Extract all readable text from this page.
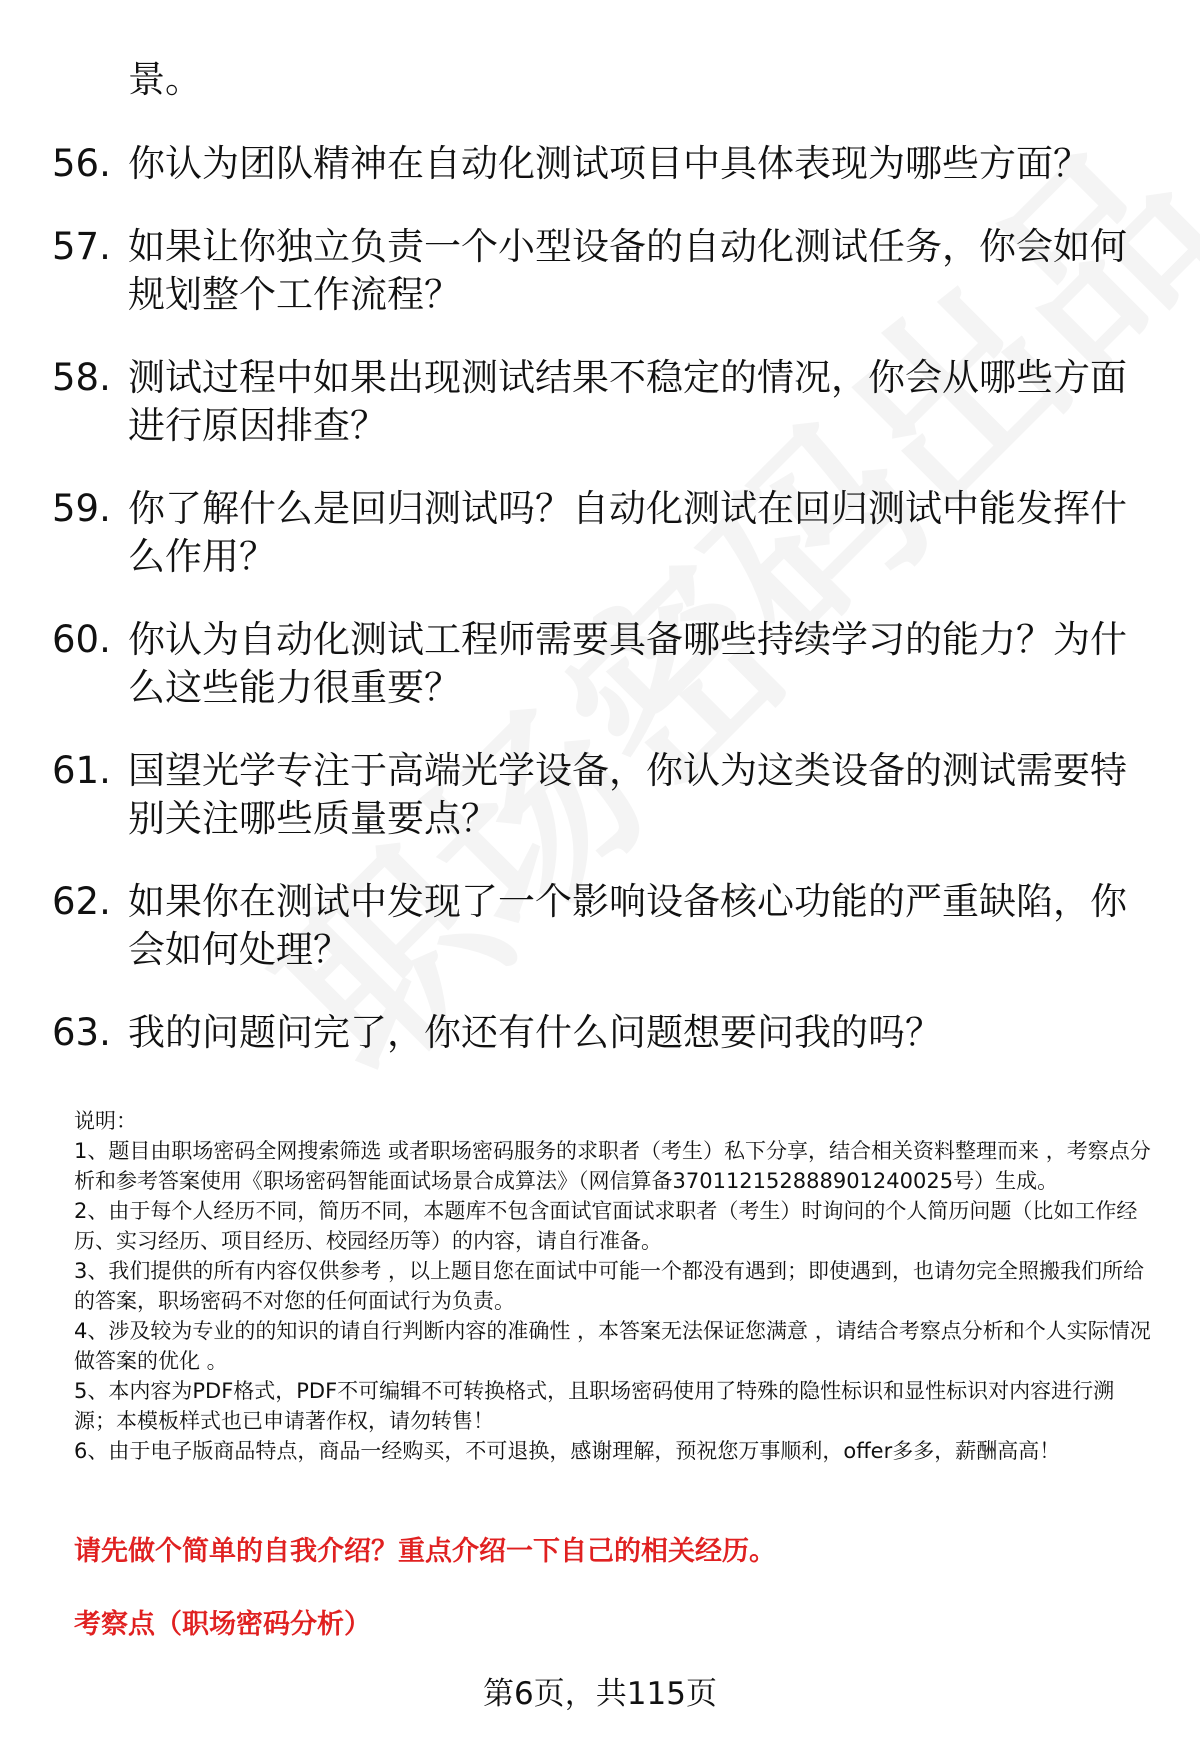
景。
56. 你认为团队精神在自动化测试项目中具体表现为哪些方面？
57. 如果让你独立负责一个小型设备的自动化测试任务，你会如何规划整个工作流程？
58. 测试过程中如果出现测试结果不稳定的情况，你会从哪些方面进行原因排查？
59. 你了解什么是回归测试吗？自动化测试在回归测试中能发挥什么作用？
60. 你认为自动化测试工程师需要具备哪些持续学习的能力？为什么这些能力很重要？
61. 国望光学专注于高端光学设备，你认为这类设备的测试需要特别关注哪些质量要点？
62. 如果你在测试中发现了一个影响设备核心功能的严重缺陷，你会如何处理？
63. 我的问题问完了，你还有什么问题想要问我的吗？

说明：

1、题目由职场密码全网搜索筛选 或者职场密码服务的求职者（考生）私下分享，结合相关资料整理而来 ，考察点分析和参考答案使用《职场密码智能面试场景合成算法》（网信算备370112152888901240025号）生成。

2、由于每个人经历不同，简历不同，本题库不包含面试官面试求职者（考生）时询问的个人简历问题（比如工作经历、实习经历、项目经历、校园经历等）的内容，请自行准备。

3、我们提供的所有内容仅供参考 ，以上题目您在面试中可能一个都没有遇到；即使遇到，也请勿完全照搬我们所给的答案，职场密码不对您的任何面试行为负责。

4、涉及较为专业的的知识的请自行判断内容的准确性 ，本答案无法保证您满意 ，请结合考察点分析和个人实际情况做答案的优化 。

5、本内容为PDF格式，PDF不可编辑不可转换格式，且职场密码使用了特殊的隐性标识和显性标识对内容进行溯源；本模板样式也已申请著作权，请勿转售！

6、由于电子版商品特点，商品一经购买，不可退换，感谢理解，预祝您万事顺利，offer多多，薪酬高高！

请先做个简单的自我介绍？重点介绍一下自己的相关经历。
考察点（职场密码分析）
第6页，共115页
